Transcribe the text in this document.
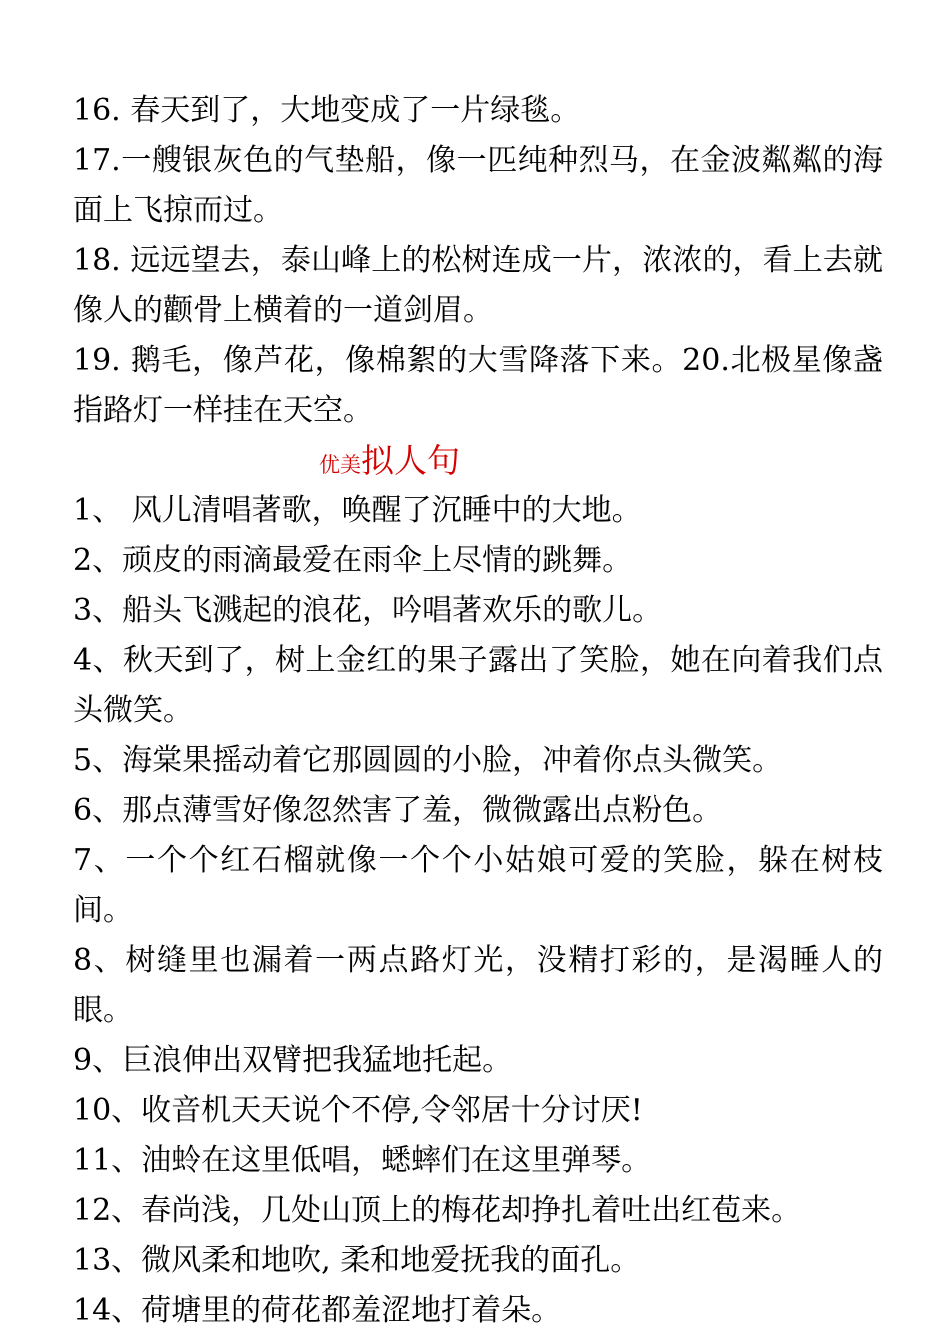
16. 春天到了，大地变成了一片绿毯。

17.一艘银灰色的气垫船，像一匹纯种烈马，在金波粼粼的海面上飞掠而过。

18. 远远望去，泰山峰上的松树连成一片，浓浓的，看上去就像人的颧骨上横着的一道剑眉。

19. 鹅毛，像芦花，像棉絮的大雪降落下来。20.北极星像盏指路灯一样挂在天空。

优美拟人句

1、 风儿清唱著歌，唤醒了沉睡中的大地。

2、顽皮的雨滴最爱在雨伞上尽情的跳舞。

3、船头飞溅起的浪花，吟唱著欢乐的歌儿。

4、秋天到了，树上金红的果子露出了笑脸，她在向着我们点头微笑。

5、海棠果摇动着它那圆圆的小脸，冲着你点头微笑。

6、那点薄雪好像忽然害了羞，微微露出点粉色。

7、一个个红石榴就像一个个小姑娘可爱的笑脸，躲在树枝间。

8、树缝里也漏着一两点路灯光，没精打彩的，是渴睡人的眼。

9、巨浪伸出双臂把我猛地托起。

10、收音机天天说个不停,令邻居十分讨厌!

11、油蛉在这里低唱，蟋蟀们在这里弹琴。

12、春尚浅，几处山顶上的梅花却挣扎着吐出红苞来。

13、微风柔和地吹, 柔和地爱抚我的面孔。

14、荷塘里的荷花都羞涩地打着朵。
